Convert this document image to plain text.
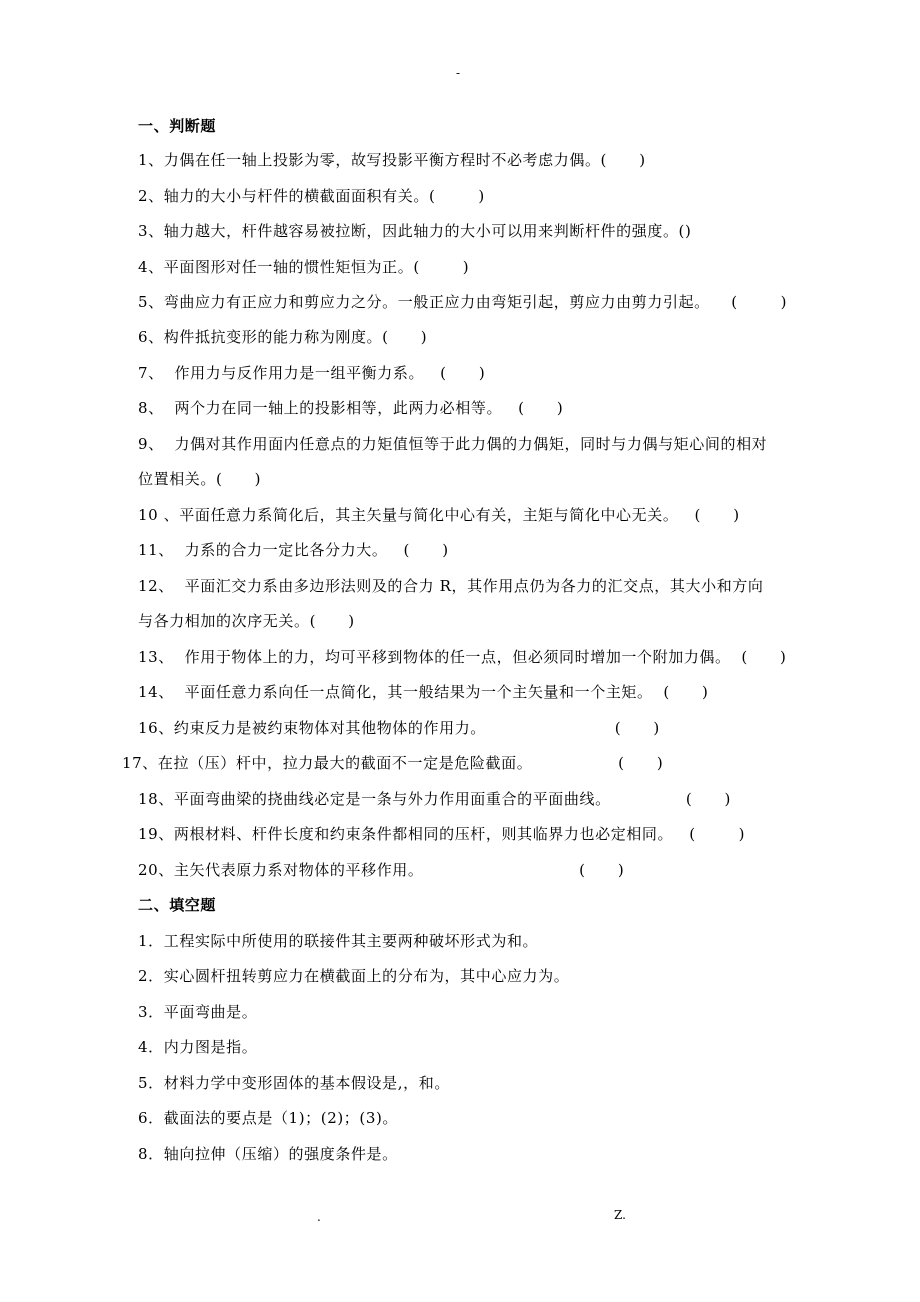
-
一、判断题
1、力偶在任一轴上投影为零，故写投影平衡方程时不必考虑力偶。(      )
2、轴力的大小与杆件的横截面面积有关。(        )
3、轴力越大，杆件越容易被拉断，因此轴力的大小可以用来判断杆件的强度。()
4、平面图形对任一轴的惯性矩恒为正。(        )
5、弯曲应力有正应力和剪应力之分。一般正应力由弯矩引起，剪应力由剪力引起。    (        )
6、构件抵抗变形的能力称为刚度。(      )
7、  作用力与反作用力是一组平衡力系。   (      )
8、  两个力在同一轴上的投影相等，此两力必相等。   (      )
9、  力偶对其作用面内任意点的力矩值恒等于此力偶的力偶矩，同时与力偶与矩心间的相对
位置相关。(      )
10 、平面任意力系简化后，其主矢量与简化中心有关，主矩与简化中心无关。   (      )
11、  力系的合力一定比各分力大。   (      )
12、  平面汇交力系由多边形法则及的合力 R，其作用点仍为各力的汇交点，其大小和方向
与各力相加的次序无关。(      )
13、  作用于物体上的力，均可平移到物体的任一点，但必须同时增加一个附加力偶。  (      )
14、  平面任意力系向任一点简化，其一般结果为一个主矢量和一个主矩。  (      )
16、约束反力是被约束物体对其他物体的作用力。                        (      )
17、在拉（压）杆中，拉力最大的截面不一定是危险截面。                (      )
18、平面弯曲梁的挠曲线必定是一条与外力作用面重合的平面曲线。              (      )
19、两根材料、杆件长度和约束条件都相同的压杆，则其临界力也必定相同。   (        )
20、主矢代表原力系对物体的平移作用。                             (      )
二、填空题
1．工程实际中所使用的联接件其主要两种破坏形式为和。
2．实心圆杆扭转剪应力在横截面上的分布为，其中心应力为。
3．平面弯曲是。
4．内力图是指。
5．材料力学中变形固体的基本假设是,，和。
6．截面法的要点是（1)；(2)；(3)。
8．轴向拉伸（压缩）的强度条件是。
.	Z.
